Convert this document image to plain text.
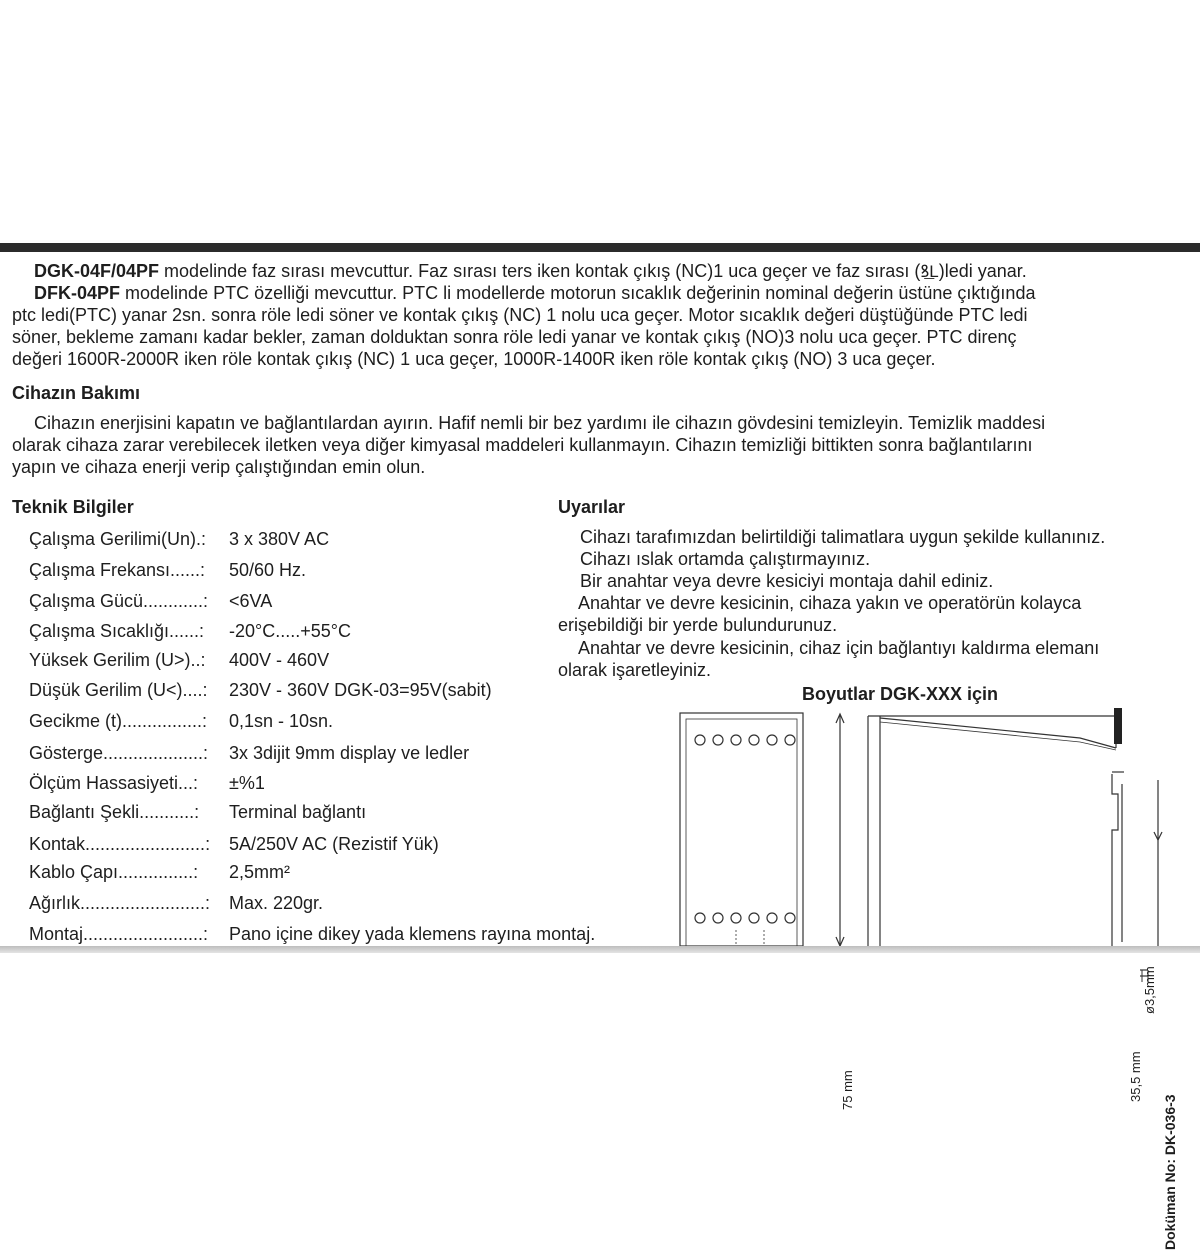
DGK-04F/04PF modelinde faz sırası mevcuttur. Faz sırası ters iken kontak çıkış (NC)1 uca geçer ve faz sırası (ꝸ͟L)ledi yanar.

DFK-04PF modelinde PTC özelliği mevcuttur. PTC li modellerde motorun sıcaklık değerinin nominal değerin üstüne çıktığında

ptc ledi(PTC) yanar 2sn. sonra röle ledi söner ve kontak çıkış (NC) 1 nolu uca geçer. Motor sıcaklık değeri düştüğünde PTC ledi

söner, bekleme zamanı kadar bekler, zaman dolduktan sonra röle ledi yanar ve kontak çıkış (NO)3 nolu uca geçer. PTC direnç

değeri 1600R-2000R iken röle kontak çıkış (NC) 1 uca geçer, 1000R-1400R iken röle kontak çıkış (NO) 3 uca geçer.

Cihazın Bakımı

Cihazın enerjisini kapatın ve bağlantılardan ayırın. Hafif nemli bir bez yardımı ile cihazın gövdesini temizleyin. Temizlik maddesi

olarak cihaza zarar verebilecek iletken veya diğer kimyasal maddeleri kullanmayın. Cihazın temizliği bittikten sonra bağlantılarını

yapın ve cihaza enerji verip çalıştığından emin olun.

Teknik Bilgiler
Çalışma Gerilimi(Un).:	3 x 380V AC
Çalışma Frekansı......:	50/60 Hz.
Çalışma Gücü............:	<6VA
Çalışma Sıcaklığı......:	-20°C.....+55°C
Yüksek Gerilim (U>)..:	400V - 460V
Düşük Gerilim (U<)....:	230V - 360V DGK-03=95V(sabit)
Gecikme (t)................:	0,1sn - 10sn.
Gösterge....................:	3x 3dijit 9mm display ve ledler
Ölçüm Hassasiyeti...:	±%1
Bağlantı Şekli...........:	Terminal bağlantı
Kontak........................:	5A/250V AC (Rezistif Yük)
Kablo Çapı...............:	2,5mm²
Ağırlık.........................:	Max. 220gr.
Montaj........................:	Pano içine dikey yada klemens rayına montaj.
Uyarılar
Cihazı tarafımızdan belirtildiği talimatlara uygun şekilde kullanınız.
Cihazı ıslak ortamda çalıştırmayınız.
Bir anahtar veya devre kesiciyi montaja dahil ediniz.
Anahtar ve devre kesicinin, cihaza yakın ve operatörün kolayca
erişebildiği bir yerde bulundurunuz.
Anahtar ve devre kesicinin, cihaz için bağlantıyı kaldırma elemanı
olarak işaretleyiniz.
Boyutlar DGK-XXX için
75 mm	35,5 mm
ø3,5mm
Doküman No: DK-036-3
